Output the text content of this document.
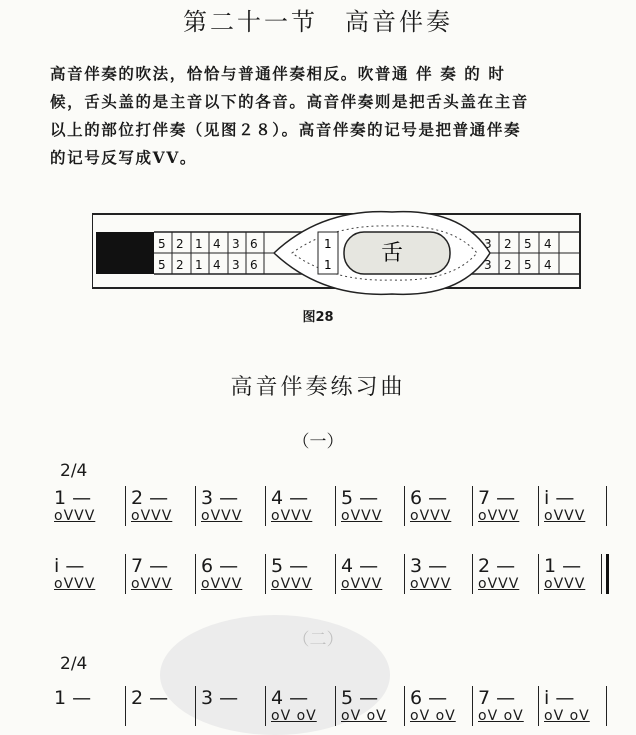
第二十一节　高音伴奏
高音伴奏的吹法，恰恰与普通伴奏相反。吹普通 伴 奏 的 时
候，舌头盖的是主音以下的各音。高音伴奏则是把舌头盖在主音
以上的部位打伴奏（见图２８）。高音伴奏的记号是把普通伴奏
的记号反写成ⅤⅤ。
5 2 1 4 3 6
5 2 1 4 3 6
3 2 5 4
3 2 5 4
1
1 舌
图28
高音伴奏练习曲
（一）
2/4
1 —
oVVV
2 —
oVVV
3 —
oVVV
4 —
oVVV
5 —
oVVV
6 —
oVVV
7 —
oVVV
i —
oVVV
i —
oVVV
7 —
oVVV
6 —
oVVV
5 —
oVVV
4 —
oVVV
3 —
oVVV
2 —
oVVV
1 —
oVVV
2/4
1 — 2 — 3 — 4 —
oV oV
5 —
oV oV
6 —
oV oV
7 —
oV oV
i —
oV oV
